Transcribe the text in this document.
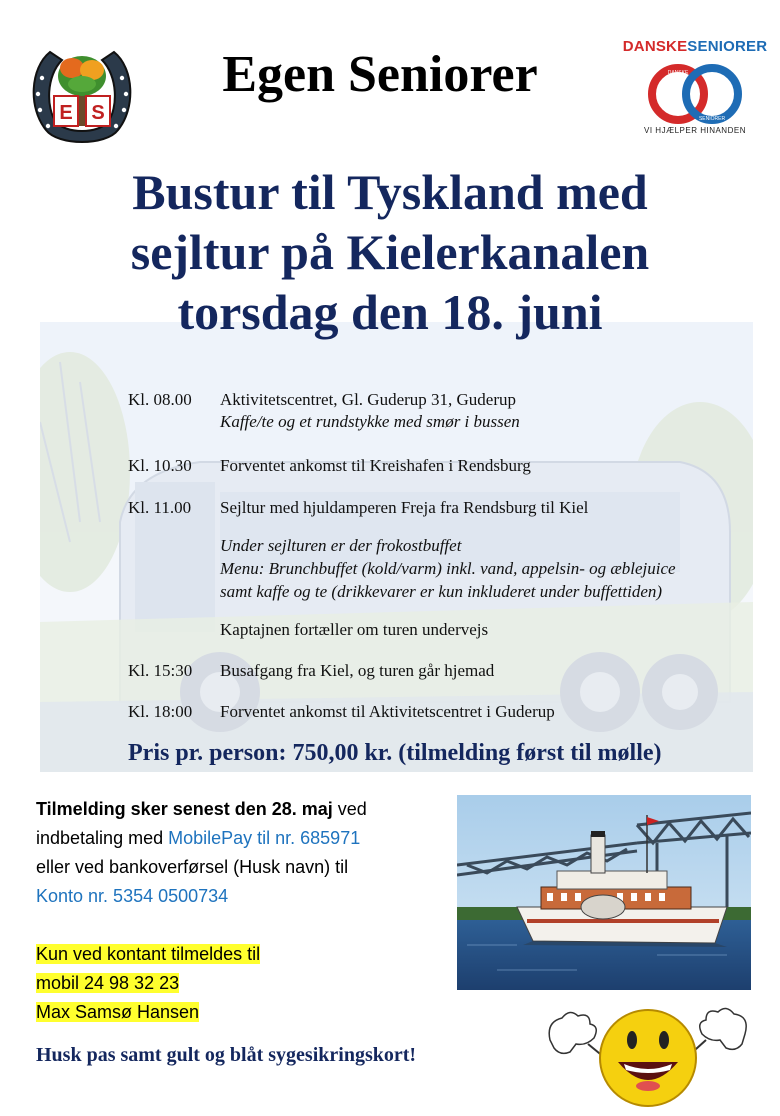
E S
Egen Seniorer	DANSKESENIORER
DANSKE
SENIORER
VI HJÆLPER HINANDEN
Bustur til Tyskland med
sejltur på Kielerkanalen
torsdag den 18. juni
Kl. 08.00	Aktivitetscentret, Gl. Guderup 31, Guderup
Kaffe/te og et rundstykke med smør i bussen
Kl. 10.30	Forventet ankomst til Kreishafen i Rendsburg
Kl. 11.00	Sejltur med hjuldamperen Freja fra Rendsburg til Kiel
Under sejlturen er der frokostbuffet
Menu: Brunchbuffet (kold/varm) inkl. vand, appelsin- og æblejuice
samt kaffe og te (drikkevarer er kun inkluderet under buffettiden)
Kaptajnen fortæller om turen undervejs
Kl. 15:30	Busafgang fra Kiel, og turen går hjemad
Kl. 18:00	Forventet ankomst til Aktivitetscentret i Guderup
Pris pr. person: 750,00 kr. (tilmelding først til mølle)
Tilmelding sker senest den 28. maj ved
indbetaling med MobilePay til nr. 685971
eller ved bankoverførsel (Husk navn) til
Konto nr. 5354 0500734
Kun ved kontant tilmeldes til
mobil 24 98 32 23
Max Samsø Hansen
Husk pas samt gult og blåt sygesikringskort!
